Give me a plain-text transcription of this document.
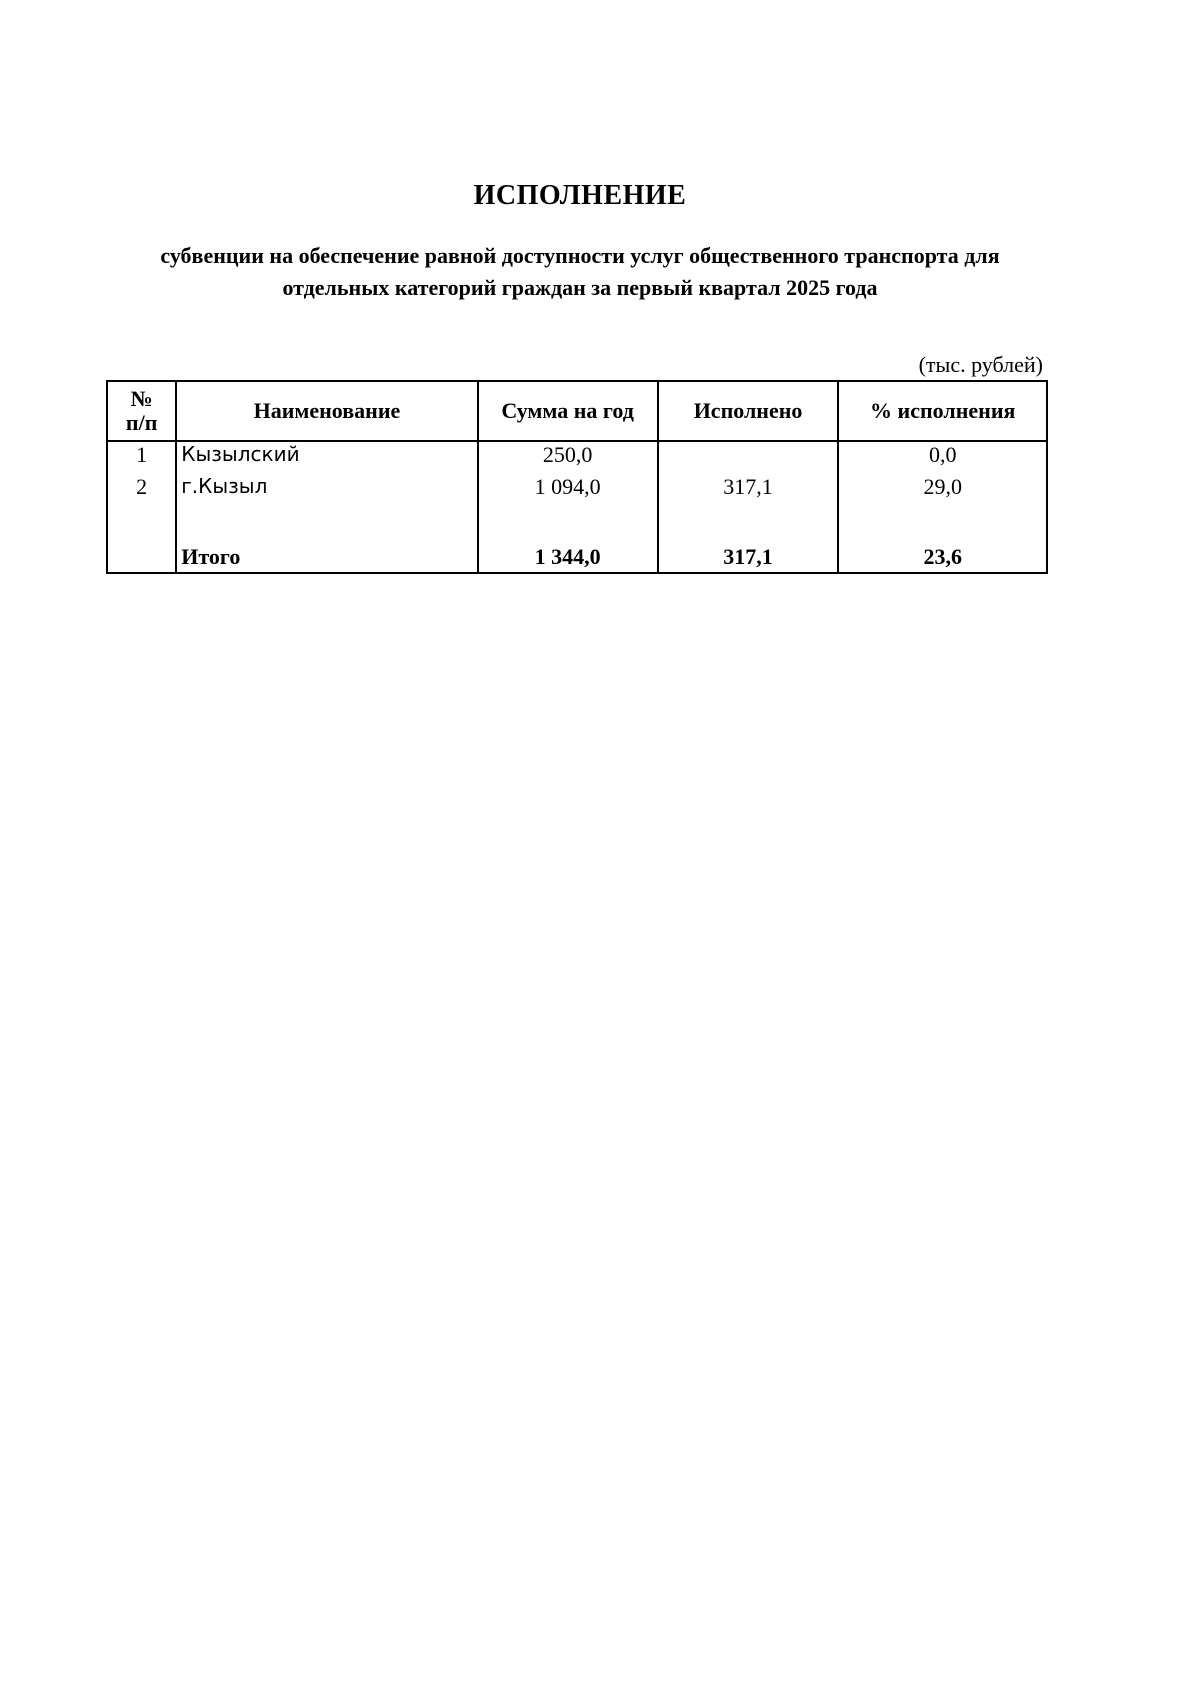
ИСПОЛНЕНИЕ
субвенции на обеспечение равной доступности услуг общественного транспорта для
отдельных категорий граждан за первый квартал 2025 года
(тыс. рублей)
№
п/п	Наименование	Сумма на год	Исполнено	% исполнения
1	Кызылский	250,0		0,0
2	г.Кызыл	1 094,0	317,1	29,0

	Итого	1 344,0	317,1	23,6
